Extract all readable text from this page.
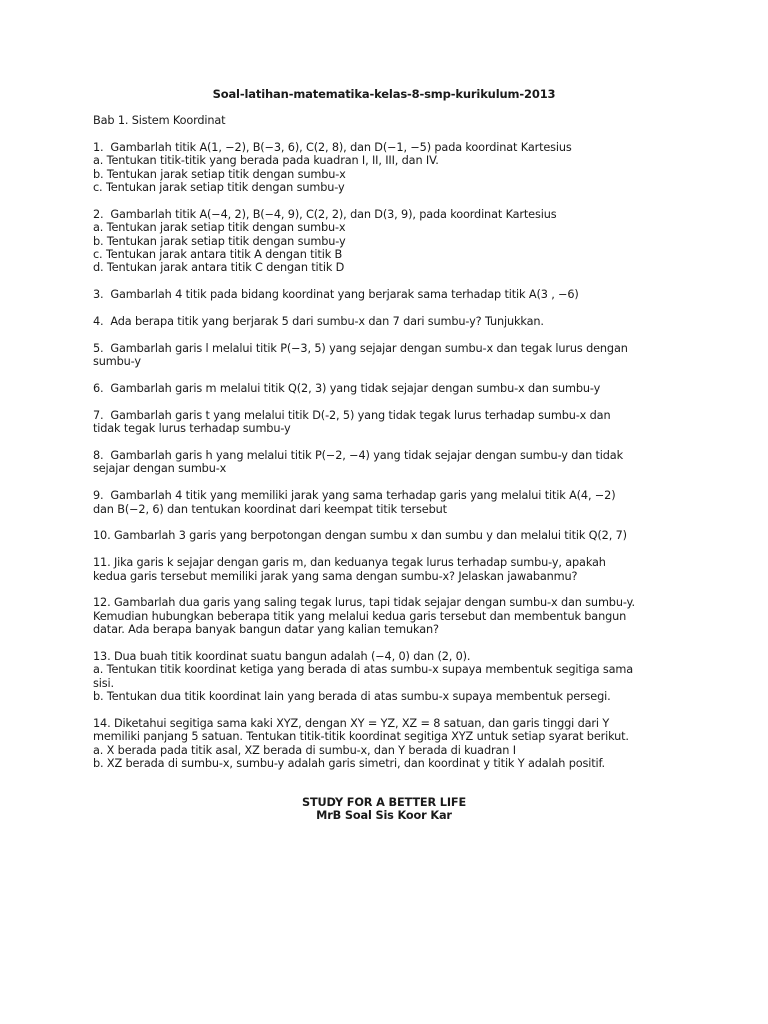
Soal-latihan-matematika-kelas-8-smp-kurikulum-2013
Bab 1. Sistem Koordinat
1.  Gambarlah titik A(1, −2), B(−3, 6), C(2, 8), dan D(−1, −5) pada koordinat Kartesius
a. Tentukan titik-titik yang berada pada kuadran I, II, III, dan IV.
b. Tentukan jarak setiap titik dengan sumbu-x
c. Tentukan jarak setiap titik dengan sumbu-y
2.  Gambarlah titik A(−4, 2), B(−4, 9), C(2, 2), dan D(3, 9), pada koordinat Kartesius
a. Tentukan jarak setiap titik dengan sumbu-x
b. Tentukan jarak setiap titik dengan sumbu-y
c. Tentukan jarak antara titik A dengan titik B
d. Tentukan jarak antara titik C dengan titik D
3.  Gambarlah 4 titik pada bidang koordinat yang berjarak sama terhadap titik A(3 , −6)
4.  Ada berapa titik yang berjarak 5 dari sumbu-x dan 7 dari sumbu-y? Tunjukkan.
5.  Gambarlah garis l melalui titik P(−3, 5) yang sejajar dengan sumbu-x dan tegak lurus dengan
sumbu-y
6.  Gambarlah garis m melalui titik Q(2, 3) yang tidak sejajar dengan sumbu-x dan sumbu-y
7.  Gambarlah garis t yang melalui titik D(-2, 5) yang tidak tegak lurus terhadap sumbu-x dan
tidak tegak lurus terhadap sumbu-y
8.  Gambarlah garis h yang melalui titik P(−2, −4) yang tidak sejajar dengan sumbu-y dan tidak
sejajar dengan sumbu-x
9.  Gambarlah 4 titik yang memiliki jarak yang sama terhadap garis yang melalui titik A(4, −2)
dan B(−2, 6) dan tentukan koordinat dari keempat titik tersebut
10. Gambarlah 3 garis yang berpotongan dengan sumbu x dan sumbu y dan melalui titik Q(2, 7)
11. Jika garis k sejajar dengan garis m, dan keduanya tegak lurus terhadap sumbu-y, apakah
kedua garis tersebut memiliki jarak yang sama dengan sumbu-x? Jelaskan jawabanmu?
12. Gambarlah dua garis yang saling tegak lurus, tapi tidak sejajar dengan sumbu-x dan sumbu-y.
Kemudian hubungkan beberapa titik yang melalui kedua garis tersebut dan membentuk bangun
datar. Ada berapa banyak bangun datar yang kalian temukan?
13. Dua buah titik koordinat suatu bangun adalah (−4, 0) dan (2, 0).
a. Tentukan titik koordinat ketiga yang berada di atas sumbu-x supaya membentuk segitiga sama
sisi.
b. Tentukan dua titik koordinat lain yang berada di atas sumbu-x supaya membentuk persegi.
14. Diketahui segitiga sama kaki XYZ, dengan XY = YZ, XZ = 8 satuan, dan garis tinggi dari Y
memiliki panjang 5 satuan. Tentukan titik-titik koordinat segitiga XYZ untuk setiap syarat berikut.
a. X berada pada titik asal, XZ berada di sumbu-x, dan Y berada di kuadran I
b. XZ berada di sumbu-x, sumbu-y adalah garis simetri, dan koordinat y titik Y adalah positif.
STUDY FOR A BETTER LIFE
MrB Soal Sis Koor Kar
